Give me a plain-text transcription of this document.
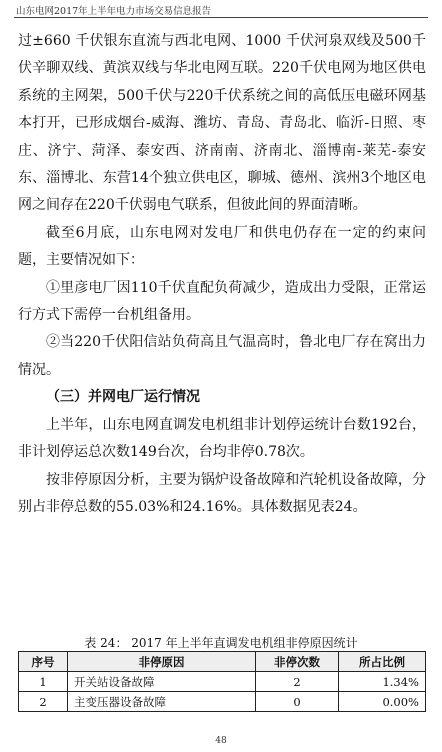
山东电网2017年上半年电力市场交易信息报告

过±660 千伏银东直流与西北电网、1000 千伏河泉双线及500千伏辛聊双线、黄滨双线与华北电网互联。220千伏电网为地区供电系统的主网架，500千伏与220千伏系统之间的高低压电磁环网基本打开，已形成烟台-威海、潍坊、青岛、青岛北、临沂-日照、枣庄、济宁、菏泽、泰安西、济南南、济南北、淄博南-莱芜-泰安东、淄博北、东营14个独立供电区，聊城、德州、滨州3个地区电网之间存在220千伏弱电气联系，但彼此间的界面清晰。

截至6月底，山东电网对发电厂和供电仍存在一定的约束问题，主要情况如下：

①里彦电厂因110千伏直配负荷减少，造成出力受限，正常运行方式下需停一台机组备用。

②当220千伏阳信站负荷高且气温高时，鲁北电厂存在窝出力情况。

（三）并网电厂运行情况

上半年，山东电网直调发电机组非计划停运统计台数192台，非计划停运总次数149台次，台均非停0.78次。

按非停原因分析，主要为锅炉设备故障和汽轮机设备故障，分别占非停总数的55.03%和24.16%。具体数据见表24。

表 24： 2017 年上半年直调发电机组非停原因统计
序号	非停原因	非停次数	所占比例
1	开关站设备故障	2	1.34%
2	主变压器设备故障	0	0.00%
48
